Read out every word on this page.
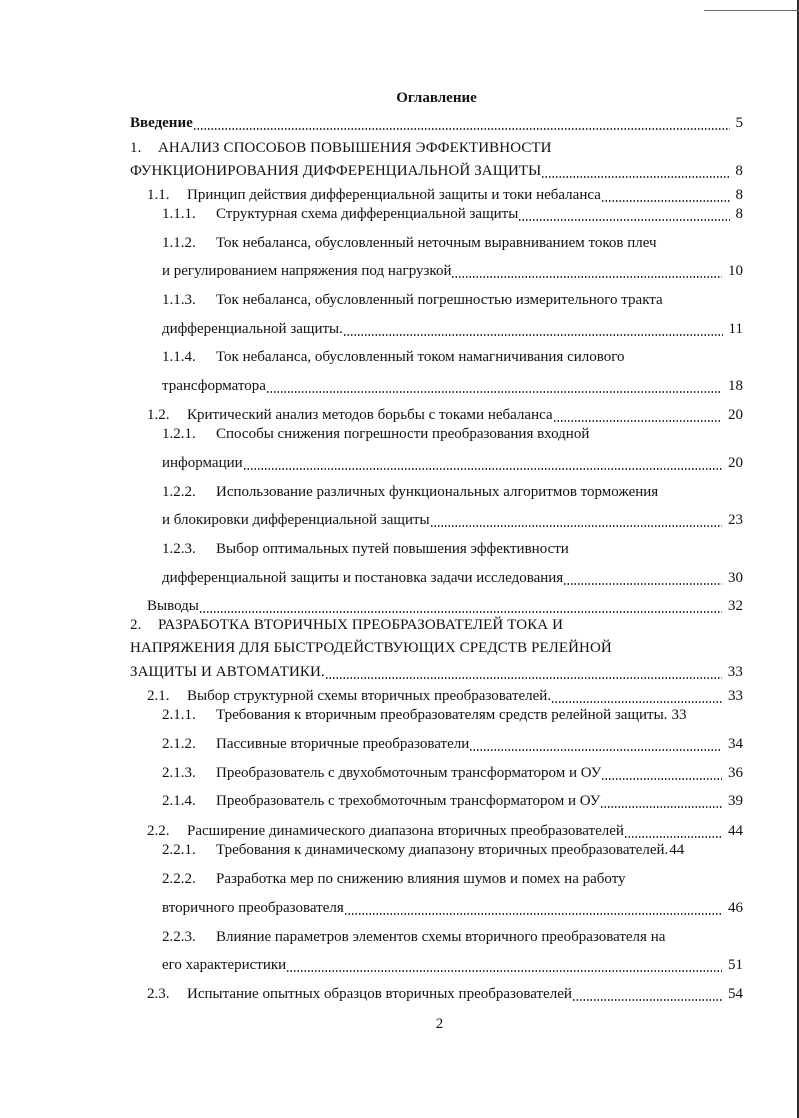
Оглавление
Введение	5
1. АНАЛИЗ СПОСОБОВ ПОВЫШЕНИЯ ЭФФЕКТИВНОСТИ
ФУНКЦИОНИРОВАНИЯ ДИФФЕРЕНЦИАЛЬНОЙ ЗАЩИТЫ	8
1.1. Принцип действия дифференциальной защиты и токи небаланса	8
1.1.1. Структурная схема дифференциальной защиты	8
1.1.2. Ток небаланса, обусловленный неточным выравниванием токов плеч
и регулированием напряжения под нагрузкой	10
1.1.3. Ток небаланса, обусловленный погрешностью измерительного тракта
дифференциальной защиты.	11
1.1.4. Ток небаланса, обусловленный током намагничивания силового
трансформатора	18
1.2. Критический анализ методов борьбы с токами небаланса	20
1.2.1. Способы снижения погрешности преобразования входной
информации	20
1.2.2. Использование различных функциональных алгоритмов торможения
и блокировки дифференциальной защиты	23
1.2.3. Выбор оптимальных путей повышения эффективности
дифференциальной защиты и постановка задачи исследования	30
Выводы	32
2. РАЗРАБОТКА ВТОРИЧНЫХ ПРЕОБРАЗОВАТЕЛЕЙ ТОКА И
НАПРЯЖЕНИЯ ДЛЯ БЫСТРОДЕЙСТВУЮЩИХ СРЕДСТВ РЕЛЕЙНОЙ
ЗАЩИТЫ И АВТОМАТИКИ.	33
2.1. Выбор структурной схемы вторичных преобразователей.	33
2.1.1. Требования к вторичным преобразователям средств релейной защиты. 33
2.1.2. Пассивные вторичные преобразователи	34
2.1.3. Преобразователь с двухобмоточным трансформатором и ОУ	36
2.1.4. Преобразователь с трехобмоточным трансформатором и ОУ	39
2.2. Расширение динамического диапазона вторичных преобразователей	44
2.2.1. Требования к динамическому диапазону вторичных преобразователей. 44
2.2.2. Разработка мер по снижению влияния шумов и помех на работу
вторичного преобразователя	46
2.2.3. Влияние параметров элементов схемы вторичного преобразователя на
его характеристики	51
2.3. Испытание опытных образцов вторичных преобразователей	54
2
